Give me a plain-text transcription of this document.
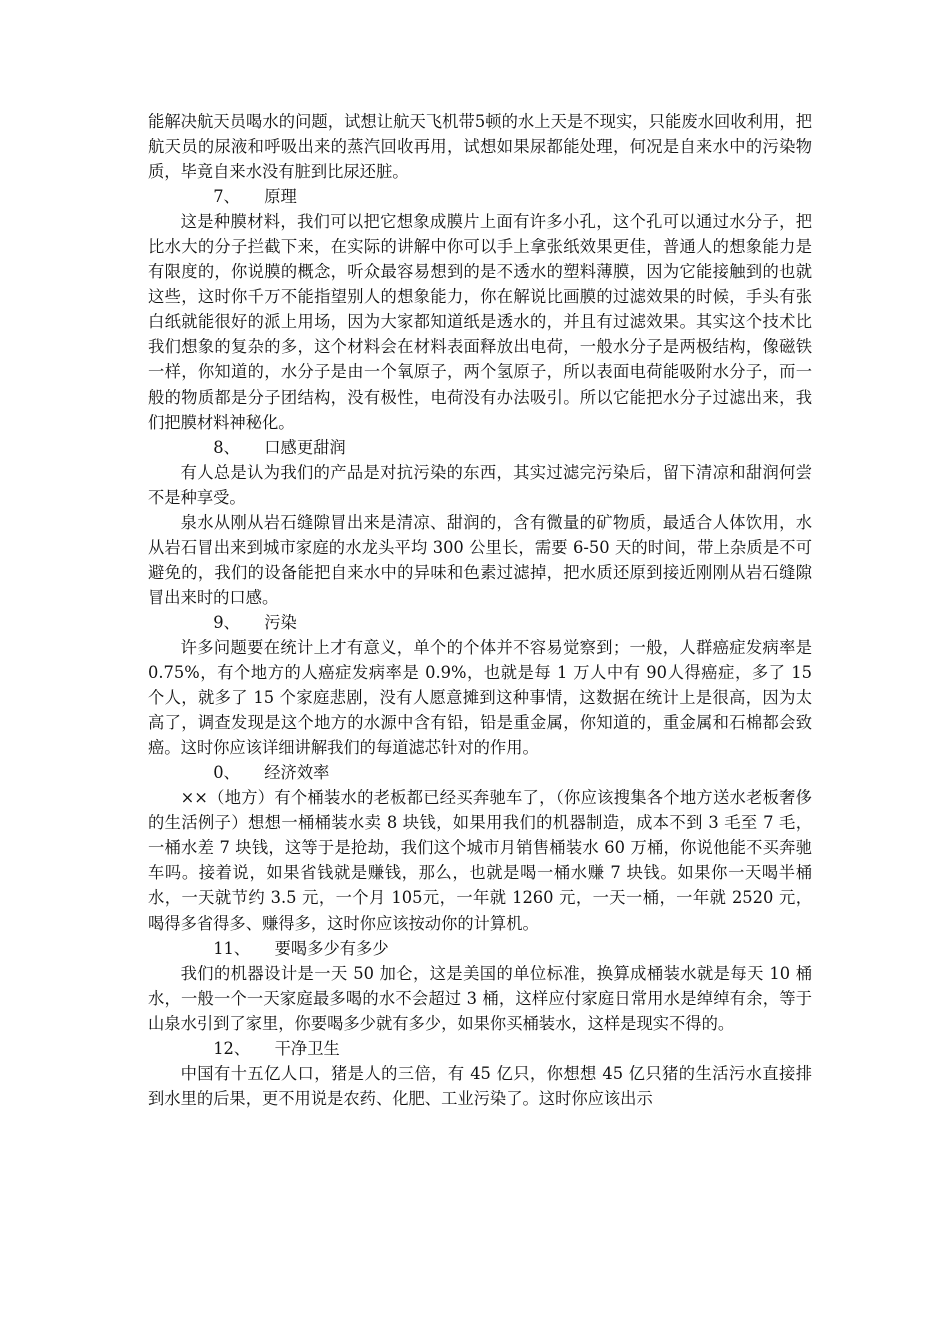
能解决航天员喝水的问题，试想让航天飞机带5顿的水上天是不现实，只能废水回收利用，把航天员的尿液和呼吸出来的蒸汽回收再用，试想如果尿都能处理，何况是自来水中的污染物质，毕竟自来水没有脏到比尿还脏。

7、 原理

这是种膜材料，我们可以把它想象成膜片上面有许多小孔，这个孔可以通过水分子，把比水大的分子拦截下来，在实际的讲解中你可以手上拿张纸效果更佳，普通人的想象能力是有限度的，你说膜的概念，听众最容易想到的是不透水的塑料薄膜，因为它能接触到的也就这些，这时你千万不能指望别人的想象能力，你在解说比画膜的过滤效果的时候，手头有张白纸就能很好的派上用场，因为大家都知道纸是透水的，并且有过滤效果。其实这个技术比我们想象的复杂的多，这个材料会在材料表面释放出电荷，一般水分子是两极结构，像磁铁一样，你知道的，水分子是由一个氧原子，两个氢原子，所以表面电荷能吸附水分子，而一般的物质都是分子团结构，没有极性，电荷没有办法吸引。所以它能把水分子过滤出来，我们把膜材料神秘化。

8、 口感更甜润

有人总是认为我们的产品是对抗污染的东西，其实过滤完污染后，留下清凉和甜润何尝不是种享受。

泉水从刚从岩石缝隙冒出来是清凉、甜润的，含有微量的矿物质，最适合人体饮用，水从岩石冒出来到城市家庭的水龙头平均 300 公里长，需要 6-50 天的时间，带上杂质是不可避免的，我们的设备能把自来水中的异味和色素过滤掉，把水质还原到接近刚刚从岩石缝隙冒出来时的口感。

9、 污染

许多问题要在统计上才有意义，单个的个体并不容易觉察到；一般，人群癌症发病率是 0.75%，有个地方的人癌症发病率是 0.9%，也就是每 1 万人中有 90人得癌症，多了 15 个人，就多了 15 个家庭悲剧，没有人愿意摊到这种事情，这数据在统计上是很高，因为太高了，调查发现是这个地方的水源中含有铅，铅是重金属，你知道的，重金属和石棉都会致癌。这时你应该详细讲解我们的每道滤芯针对的作用。

0、 经济效率

××（地方）有个桶装水的老板都已经买奔驰车了，（你应该搜集各个地方送水老板奢侈的生活例子）想想一桶桶装水卖 8 块钱，如果用我们的机器制造，成本不到 3 毛至 7 毛，一桶水差 7 块钱，这等于是抢劫，我们这个城市月销售桶装水 60 万桶，你说他能不买奔驰车吗。接着说，如果省钱就是赚钱，那么，也就是喝一桶水赚 7 块钱。如果你一天喝半桶水，一天就节约 3.5 元，一个月 105元，一年就 1260 元，一天一桶，一年就 2520 元，喝得多省得多、赚得多，这时你应该按动你的计算机。

11、 要喝多少有多少

我们的机器设计是一天 50 加仑，这是美国的单位标准，换算成桶装水就是每天 10 桶水，一般一个一天家庭最多喝的水不会超过 3 桶，这样应付家庭日常用水是绰绰有余，等于山泉水引到了家里，你要喝多少就有多少，如果你买桶装水，这样是现实不得的。

12、 干净卫生

中国有十五亿人口，猪是人的三倍，有 45 亿只，你想想 45 亿只猪的生活污水直接排到水里的后果，更不用说是农药、化肥、工业污染了。这时你应该出示
